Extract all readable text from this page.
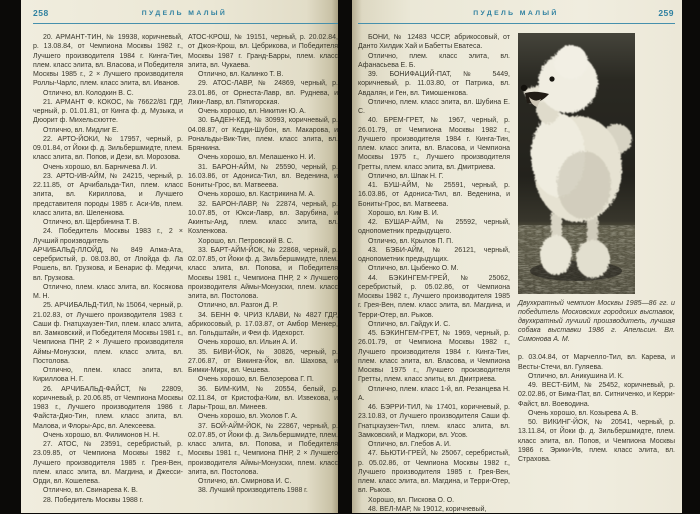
258	ПУДЕЛЬ МАЛЫЙ

20. АРМАНТ-ТИН, № 19938, коричневый, р. 13.08.84, от Чемпиона Москвы 1982 г., Лучшего производителя 1984 г. Кинга-Тин, плем. класс элита, вл. Власова, и Победителя Москвы 1985 г., 2 × Лучшего производителя Роллы-Чарлс, плем. класс элита, вл. Иванов.

Отлично, вл. Колодкин В. С.

21. АРМАНТ Ф. КОКОС, № 76622/81 ГДР, черный, р. 01.01.81, от Кинга ф. д. Музыка, и Дюорит ф. Михельсхютте.

Отлично, вл. Мидлиг Е.

22. АРТО-ЙОКИ, № 17957, черный, р. 09.01.84, от Йоки ф. д. Зильбершмидте, плем. класс элита, вл. Попов, и Дези, вл. Морозова.

Очень хорошо, вл. Барничева Л. И.

23. АРТО-ИВ-АЙМ, № 24215, черный, р. 22.11.85, от Арчибальда-Тил, плем. класс элита, вл. Кириллова, и Лучшего представителя породы 1985 г. Аси-Ив, плем. класс элита, вл. Шеленкова.

Отлично, вл. Щербинина Т. В.

24. Победитель Москвы 1983 г., 2 × Лучший производитель

АРЧИБАЛЬД-ЛЛОЙД, № 849 Алма-Ата, серебристый, р. 08.03.80, от Ллойда ф. Ла Рошель, вл. Грузкова, и Бенарис ф. Медичи, вл. Грузкова.

Отлично, плем. класс элита, вл. Косякова М. Н.

25. АРЧИБАЛЬД-ТИЛ, № 15064, черный, р. 21.02.83, от Лучшего производителя 1983 г. Саши ф. Гнатцхаузен-Тил, плем. класс элита, вл. Замковский, и Победителя Москвы 1981 г., Чемпиона ПНР, 2 × Лучшего производителя Аймы-Монузски, плем. класс элита, вл. Постолова.

Отлично, плем. класс элита, вл. Кириллова Н. Г.

26. АРЧИБАЛЬД-ФАЙСТ, № 22809, коричневый, р. 20.06.85, от Чемпиона Москвы 1983 г., Лучшего производителя 1986 г. Файста-Джо-Тин, плем. класс элита, вл. Малова, и Флоры-Арс, вл. Алексеева.

Очень хорошо, вл. Филимонов Н. Н.

27. АТОС, № 23591, серебристый, р. 23.09.85, от Чемпиона Москвы 1982 г., Лучшего производителя 1985 г. Грея-Вен, плем. класс элита, вл. Магдина, и Джесси-Орди, вл. Кошелева.

Отлично, вл. Свинарева К. В.

28. Победитель Москвы 1988 г.

АТОС-КРОШ, № 19151, черный, р. 20.02.84, от Джоя-Крош, вл. Цебрикова, и Победителя Москвы 1987 г. Гранд-Барры, плем. класс элита, вл. Чукаева.

Отлично, вл. Калинко Т. В.

29. АТОС-ЛАВР, № 24869, черный, р. 23.01.86, от Орнеста-Лавр, вл. Руднева, и Лики-Лавр, вл. Пятигорская.

Очень хорошо, вл. Никитин Ю. А.

30. БАДЕН-КЕД, № 30993, коричневый, р. 04.08.87, от Кедди-Шубон, вл. Макарова, и Рональды-Вик-Тин, плем. класс элита, вл. Брянкина.

Очень хорошо, вл. Мелашенко Н. И.

31. БАРОН-АЙМ, № 25590, черный, р. 16.03.86, от Адониса-Тил, вл. Веденина, и Бониты-Грос, вл. Матвеева.

Очень хорошо, вл. Кастрикина М. А.

32. БАРОН-ЛАВР, № 22874, черный, р. 10.07.85, от Юкси-Лавр, вл. Зарубина, и Акинты-Анд, плем. класс элита, вл. Козленкова.

Хорошо, вл. Петровский В. С.

33. БАРТ-АЙМ-ЙОК, № 22868, черный, р. 02.07.85, от Йоки ф. д. Зильбершмидте, плем. класс элита, вл. Попова, и Победителя Москвы 1981 г., Чемпиона ПНР, 2 × Лучшего производителя Аймы-Монузски, плем. класс элита, вл. Постолова.

Отлично, вл. Разгон Д. Р.

34. БЕНН Ф. ЧРИЗ КЛАВИ, № 4827 ГДР, абрикосовый, р. 17.03.87, от Амбор Менкер, вл. Гольдштайн, и Феи ф. Идехорст.

Очень хорошо, вл. Ильин А. И.

35. БИВИ-ЙОК, № 30826, черный, р. 27.06.87, от Викинга-Йок, вл. Шахова, и Бимки-Мирк, вл. Чешева.

Очень хорошо, вл. Белозерова Г. П.

36. БИМ-КИМ, № 20554, белый, р. 02.11.84, от Кристофа-Ким, вл. Извекова, и Лары-Трош, вл. Минеев.

Очень хорошо, вл. Уколов Г. А.

37. БОЙ-АЙМ-ЙОК, № 22867, черный, р. 02.07.85, от Йоки ф. д. Зильбершмидте, плем. класс элита, вл. Попова, и Победителя Москвы 1981 г., Чемпиона ПНР, 2 × Лучшего производителя Аймы-Монузски, плем. класс элита, вл. Постолова.

Отлично, вл. Смирнова И. С.

38. Лучший производитель 1988 г.

ПУДЕЛЬ МАЛЫЙ	259

БОНИ, № 12483 ЧССР, абрикосовый, от Данто Хилдик Хай и Бабетты Еватеса.

Отлично, плем. класс элита, вл. Афанасьева Е. Б.

39. БОНИФАЦИЙ-ПАТ, № 5449, коричневый, р. 11.03.80, от Патрика, вл. Авдалян, и Ген, вл. Тимошенкова.

Отлично, плем. класс элита, вл. Шубина Е. С.

40. БРЕМ-ГРЕТ, № 1967, черный, р. 26.01.79, от Чемпиона Москвы 1982 г., Лучшего производителя 1984 г. Кинга-Тин, плем. класс элита, вл. Власова, и Чемпиона Москвы 1975 г., Лучшего производителя Гретты, плем. класс элита, вл. Дмитриева.

Отлично, вл. Шпак Н. Г.

41. БУШ-АЙМ, № 25591, черный, р. 16.03.86, от Адониса-Тил, вл. Веденина, и Бониты-Грос, вл. Матвеева.

Хорошо, вл. Ким В. И.

42. БУШАР-АЙМ, № 25592, черный, однопометник предыдущего.

Отлично, вл. Крылов П. П.

43. БЭБИ-АЙМ, № 26121, черный, однопометник предыдущих.

Отлично, вл. Цыбенко О. М.

44. БЭКИНГЕМ-ГРЕЙ, № 25062, серебристый, р. 05.02.86, от Чемпиона Москвы 1982 г., Лучшего производителя 1985 г. Грея-Вен, плем. класс элита, вл. Магдина, и Терри-Отер, вл. Рыков.

Отлично, вл. Гайдук И. С.

45. БЭКИНГЕМ-ГРЕТ, № 1969, черный, р. 26.01.79, от Чемпиона Москвы 1982 г., Лучшего производителя 1984 г. Кинга-Тин, плем. класс элита, вл. Власова, и Чемпиона Москвы 1975 г., Лучшего производителя Гретты, плем. класс элиты, вл. Дмитриева.

Отлично, плем. класс 1-й, вл. Резанцева Н. А.

46. БЭРРИ-ТИЛ, № 17401, коричневый, р. 23.10.83, от Лучшего производителя Саши ф. Гнатцхаузен-Тил, плем. класс элита, вл. Замковский, и Маджори, вл. Усов.

Отлично, вл. Глебов А. И.

47. БЬЮТИ-ГРЕЙ, № 25067, серебристый, р. 05.02.86, от Чемпиона Москвы 1982 г., Лучшего производителя 1985 г. Грея-Вен, плем. класс элита, вл. Магдина, и Терри-Отер, вл. Рыков.

Хорошо, вл. Пискова О. О.

48. ВЕЛ-МАР, № 19012, коричневый,

Двухкратный чемпион Москвы 1985—86 гг. и победитель Московских городских выставок, двухкратный лучший производитель, лучшая собака выставки 1986 г. Апельсин. Вл. Симонова А. М.

р. 03.04.84, от Марчелло-Тил, вл. Карева, и Весты-Стечи, вл. Гуляева.

Отлично, вл. Аникушина И. К.

49. ВЕСТ-БИМ, № 25452, коричневый, р. 02.02.86, от Бима-Пат, вл. Ситниченко, и Керри-Файст, вл. Воеводина.

Очень хорошо, вл. Козырева А. В.

50. ВИКИНГ-ЙОК, № 20541, черный, р. 13.11.84, от Йоки ф. д. Зильбершмидте, плем. класс элита, вл. Попов, и Чемпиона Москвы 1986 г. Эрики-Ив, плем. класс элита, вл. Страхова.
